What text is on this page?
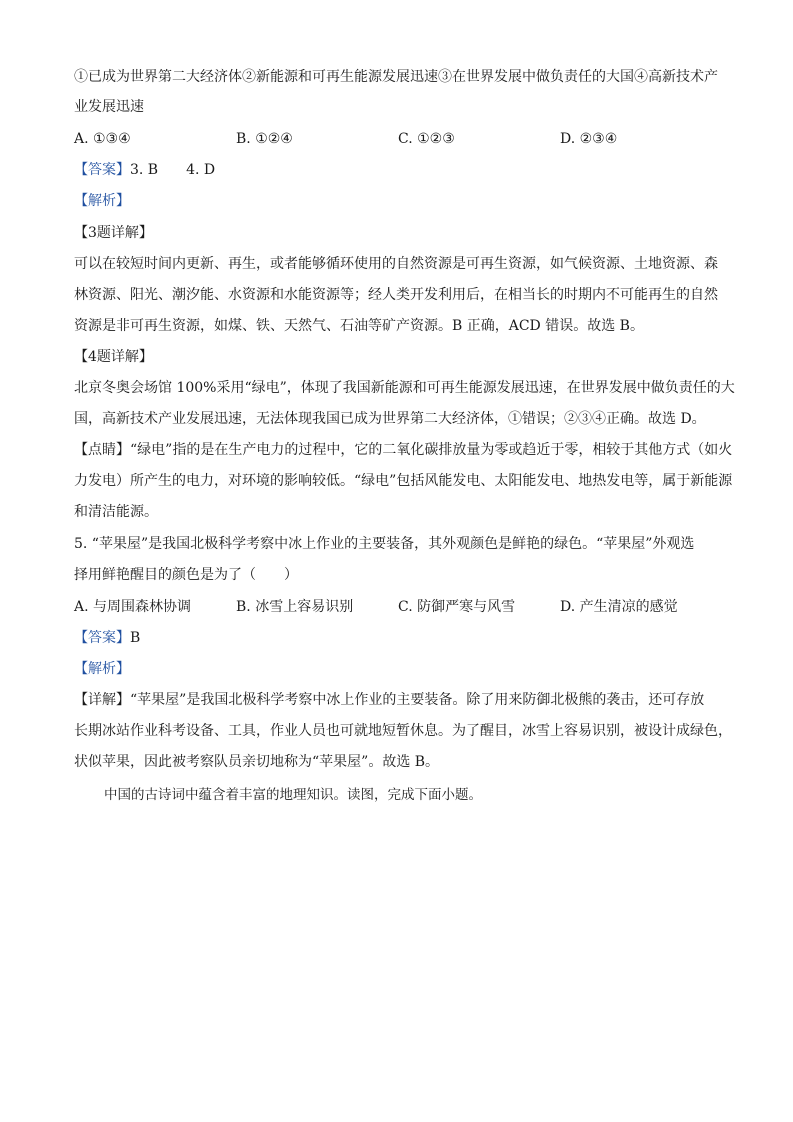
①已成为世界第二大经济体②新能源和可再生能源发展迅速③在世界发展中做负责任的大国④高新技术产
业发展迅速
A. ①③④	B. ①②④	C. ①②③	D. ②③④
【答案】3. B　　4. D
【解析】
【3题详解】
可以在较短时间内更新、再生，或者能够循环使用的自然资源是可再生资源，如气候资源、土地资源、森
林资源、阳光、潮汐能、水资源和水能资源等；经人类开发利用后，在相当长的时期内不可能再生的自然
资源是非可再生资源，如煤、铁、天然气、石油等矿产资源。B 正确，ACD 错误。故选 B。
【4题详解】
北京冬奥会场馆 100%采用“绿电”，体现了我国新能源和可再生能源发展迅速，在世界发展中做负责任的大
国，高新技术产业发展迅速，无法体现我国已成为世界第二大经济体，①错误；②③④正确。故选 D。
【点睛】“绿电”指的是在生产电力的过程中，它的二氧化碳排放量为零或趋近于零，相较于其他方式（如火
力发电）所产生的电力，对环境的影响较低。“绿电”包括风能发电、太阳能发电、地热发电等，属于新能源
和清洁能源。
5. “苹果屋”是我国北极科学考察中冰上作业的主要装备，其外观颜色是鲜艳的绿色。“苹果屋”外观选
择用鲜艳醒目的颜色是为了（　　）
A. 与周围森林协调	B. 冰雪上容易识别	C. 防御严寒与风雪	D. 产生清凉的感觉
【答案】B
【解析】
【详解】“苹果屋”是我国北极科学考察中冰上作业的主要装备。除了用来防御北极熊的袭击，还可存放
长期冰站作业科考设备、工具，作业人员也可就地短暂休息。为了醒目，冰雪上容易识别，被设计成绿色，
状似苹果，因此被考察队员亲切地称为“苹果屋”。故选 B。
中国的古诗词中蕴含着丰富的地理知识。读图，完成下面小题。
